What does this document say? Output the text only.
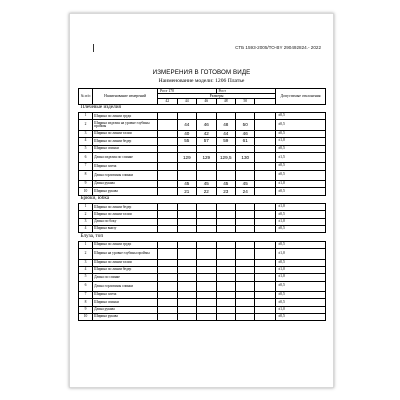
СТБ 1593-2005/ТО-BY 290492824.- 2022
ИЗМЕРЕНИЯ В ГОТОВОМ ВИДЕ
Наименование модели: 1206 Платье
№ п/п	Наименование измерений	Рост 170			Рост			Допустимые отклонения
		Размеры						
		42	44	46	48	50		
Плечевые изделия								
1	Ширина по линии груди							±0,5
2	Ширина изделия на уровне глубины проймы		44	46	48	50		±0,5
3	Ширина по линии талии		40	42	44	46		±0,5
4	Ширина по линии бедер		55	57	59	61		±1,0
5	Ширина спинки							±0,5
6	Длина изделия по спинке		129	129	129,5	130		±1,5
7	Ширина плеча							±0,5
8	Длина горловины спинки							±0,5
9	Длина рукава		45	45	45	45		±1,0
10	Ширина рукава		21	22	23	24		±0,5
Брюки, юбка								
1	Ширина по линии бедер							±1,0
2	Ширина по линии талии							±0,5
3	Длина по боку							±1,0
4	Ширина внизу							±0,5
Блуза, топ								
1	Ширина по линии груди							±0,5
2	Ширина на уровне глубины проймы							±1,0
3	Ширина по линии талии							±0,5
4	Ширина по линии бедер							±1,0
5	Длина по спинке							±1,0
6	Длина горловины спинки							±0,5
7	Ширина плеча							±0,5
8	Ширина спинки							±0,5
9	Длина рукава							±1,0
10	Ширина рукава							±0,5
